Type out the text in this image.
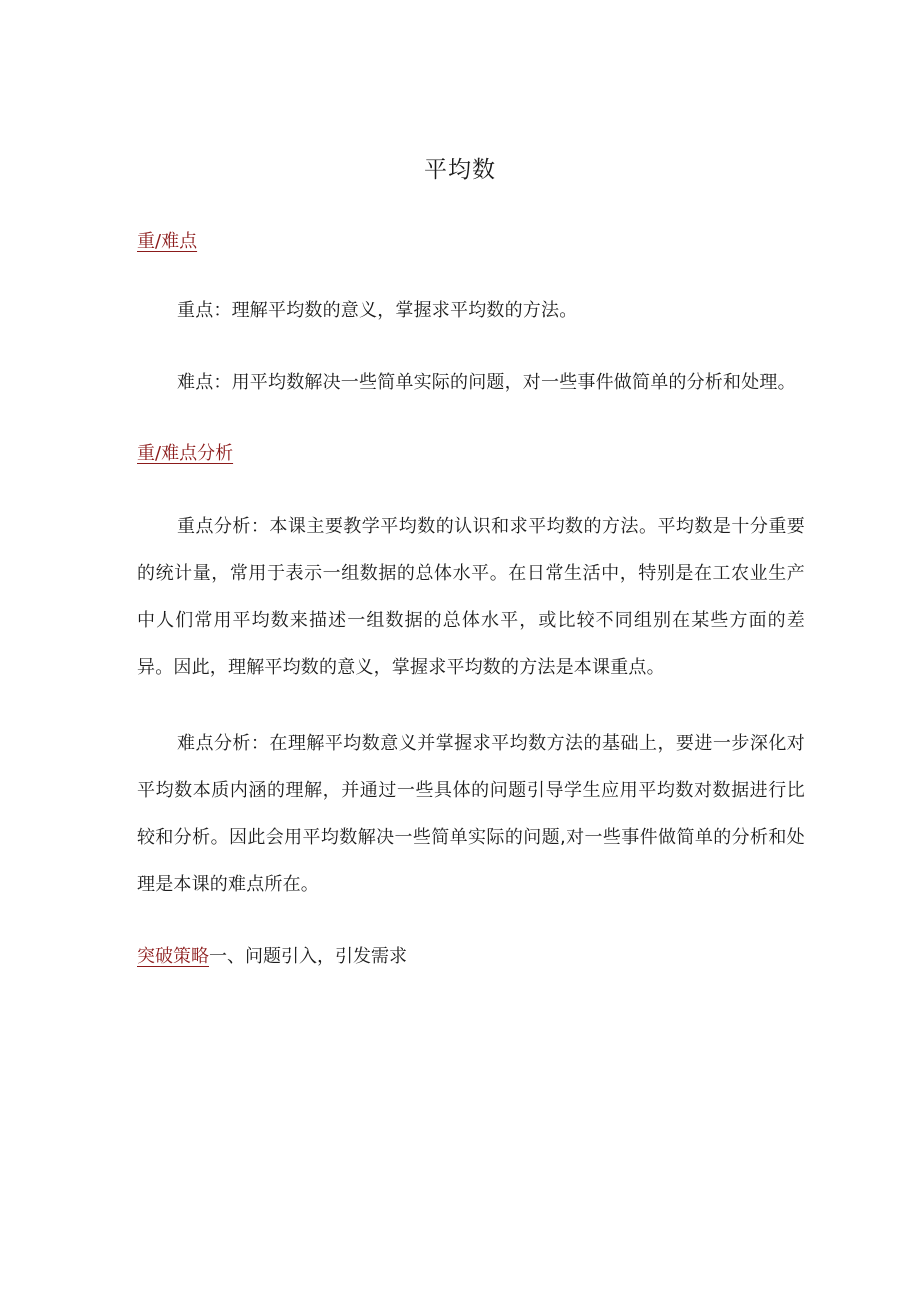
平均数
重/难点

重点：理解平均数的意义，掌握求平均数的方法。

难点：用平均数解决一些简单实际的问题，对一些事件做简单的分析和处理。

重/难点分析

重点分析：本课主要教学平均数的认识和求平均数的方法。平均数是十分重要的统计量，常用于表示一组数据的总体水平。在日常生活中，特别是在工农业生产中人们常用平均数来描述一组数据的总体水平，或比较不同组别在某些方面的差异。因此，理解平均数的意义，掌握求平均数的方法是本课重点。

难点分析：在理解平均数意义并掌握求平均数方法的基础上，要进一步深化对平均数本质内涵的理解，并通过一些具体的问题引导学生应用平均数对数据进行比较和分析。因此会用平均数解决一些简单实际的问题,对一些事件做简单的分析和处理是本课的难点所在。

突破策略一、问题引入，引发需求
